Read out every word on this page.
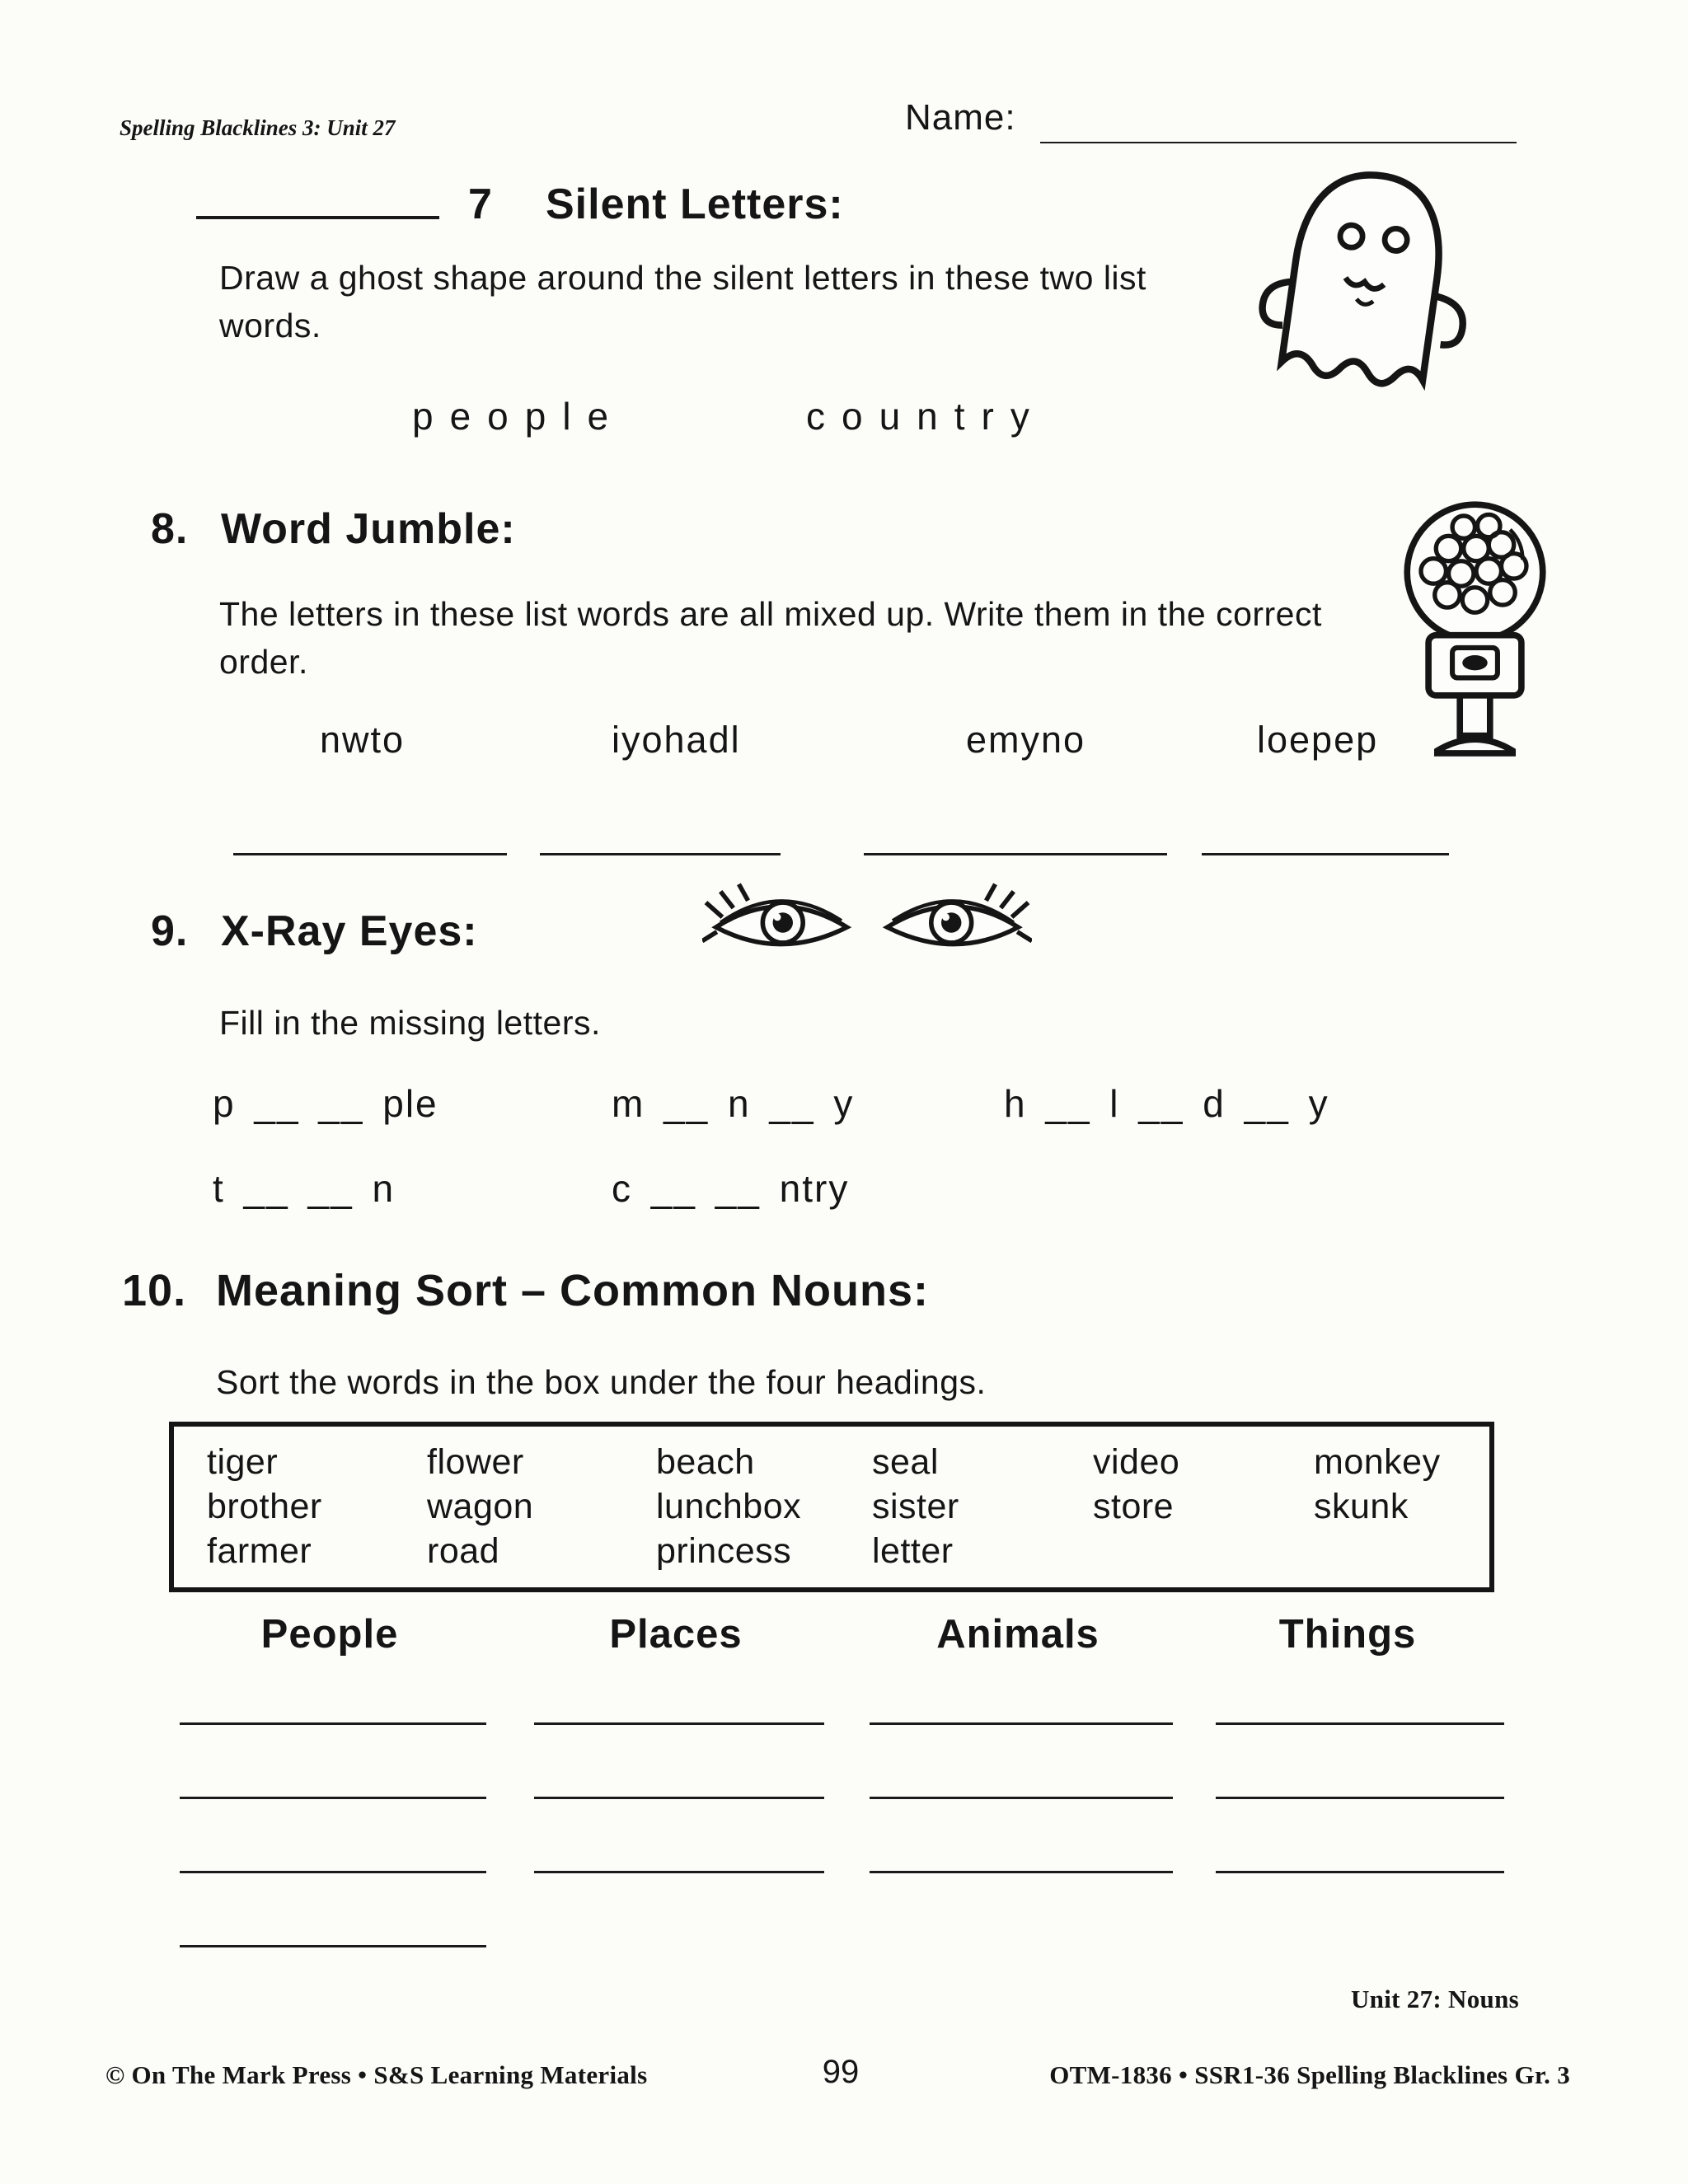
Spelling Blacklines 3: Unit 27	Name:
7 Silent Letters:
Draw a ghost shape around the silent letters in these two list words.
people	country
8. Word Jumble:
The letters in these list words are all mixed up. Write them in the correct order.
nwto	iyohadl	emyno	loepep
9. X-Ray Eyes:
Fill in the missing letters.
p __ __ ple	m __ n __ y	h __ l __ d __ y
t __ __ n	c __ __ ntry
10. Meaning Sort – Common Nouns:
Sort the words in the box under the four headings.
tiger	flower	beach	seal	video	monkey
brother	wagon	lunchbox	sister	store	skunk
farmer	road	princess	letter
People	Places	Animals	Things
Unit 27: Nouns
© On The Mark Press • S&S Learning Materials	99	OTM-1836 • SSR1-36 Spelling Blacklines Gr. 3
